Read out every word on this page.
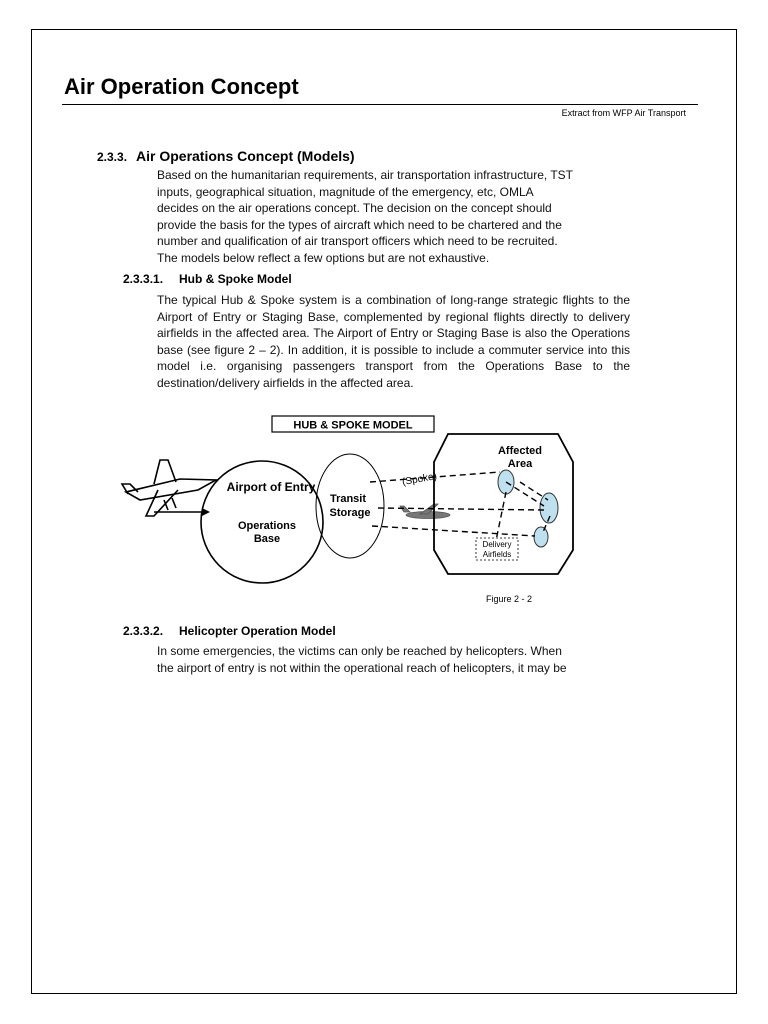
Air Operation Concept
Extract from WFP Air Transport
2.3.3. Air Operations Concept (Models)
Based on the humanitarian requirements, air transportation infrastructure, TST
inputs, geographical situation, magnitude of the emergency, etc, OMLA
decides on the air operations concept. The decision on the concept should
provide the basis for the types of aircraft which need to be chartered and the
number and qualification of air transport officers which need to be recruited.
The models below reflect a few options but are not exhaustive.
2.3.3.1. Hub & Spoke Model

The typical Hub & Spoke system is a combination of long-range strategic flights to the Airport of Entry or Staging Base, complemented by regional flights directly to delivery airfields in the affected area. The Airport of Entry or Staging Base is also the Operations base (see figure 2 – 2). In addition, it is possible to include a commuter service into this model i.e. organising passengers transport from the Operations Base to the destination/delivery airfields in the affected area.

HUB & SPOKE MODEL
Airport of Entry
Operations
Base
Transit
Storage
Affected
Area
(Spoke)
Delivery
Airfields
Figure 2 - 2
2.3.3.2. Helicopter Operation Model
In some emergencies, the victims can only be reached by helicopters. When
the airport of entry is not within the operational reach of helicopters, it may be
